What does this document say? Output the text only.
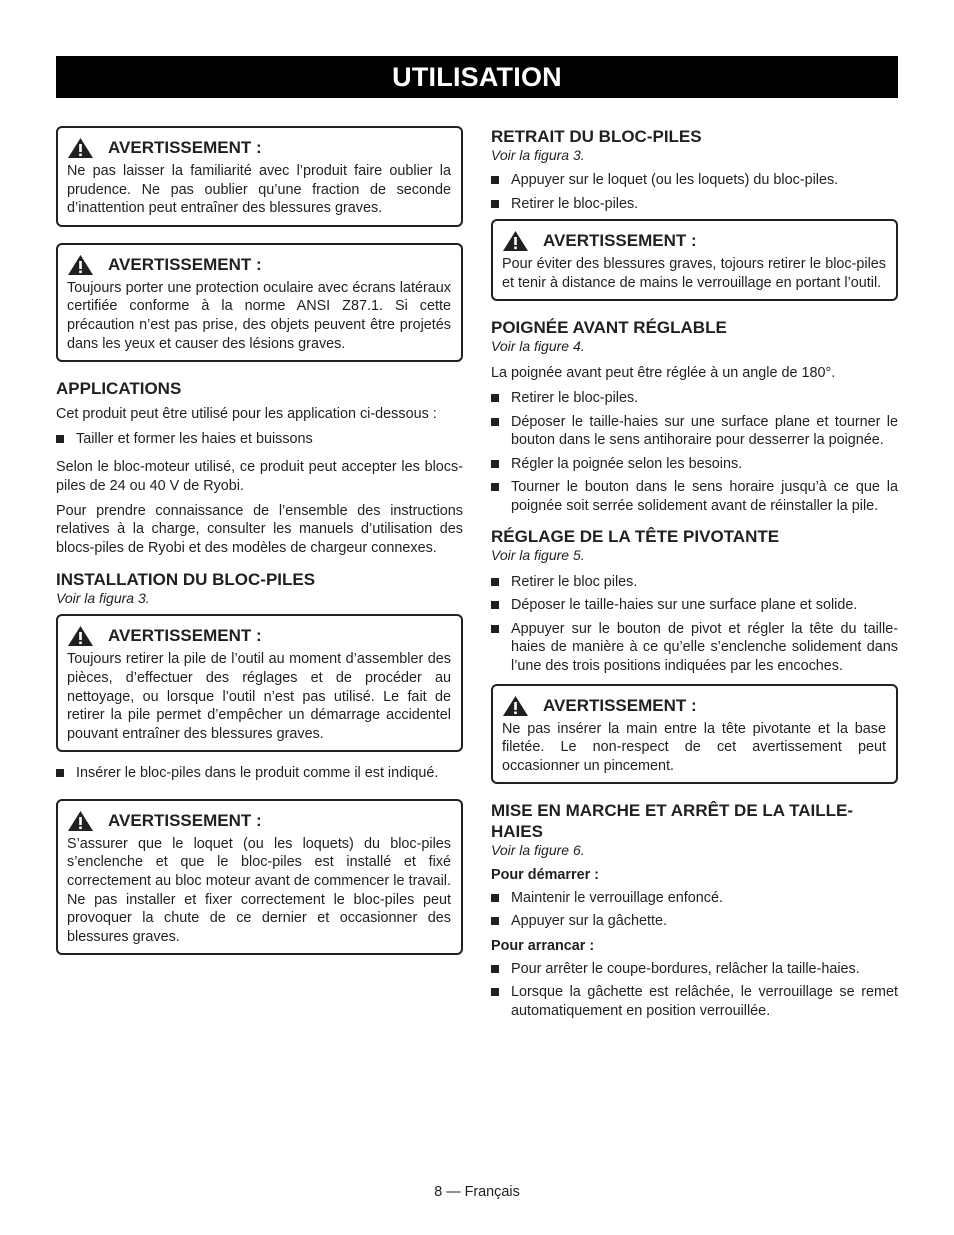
UTILISATION
AVERTISSEMENT :
Ne pas laisser la familiarité avec l’produit faire oublier la prudence. Ne pas oublier qu’une fraction de seconde d’inattention peut entraîner des blessures graves.
AVERTISSEMENT :
Toujours porter une protection oculaire avec écrans latéraux certifiée conforme à la norme ANSI Z87.1. Si cette précaution n’est pas prise, des objets peuvent être projetés dans les yeux et causer des lésions graves.
APPLICATIONS

Cet produit peut être utilisé pour les application ci-dessous :

Tailler et former les haies et buissons

Selon le bloc-moteur utilisé, ce produit peut accepter les blocs-piles de 24 ou 40 V de Ryobi.

Pour prendre connaissance de l’ensemble des instructions relatives à la charge, consulter les manuels d’utilisation des blocs-piles de Ryobi et des modèles de chargeur connexes.

INSTALLATION DU BLOC-PILES
Voir la figura 3.
AVERTISSEMENT :
Toujours retirer la pile de l’outil au moment d’assembler des pièces, d’effectuer des réglages et de procéder au nettoyage, ou lorsque l’outil n’est pas utilisé. Le fait de retirer la pile permet d’empêcher un démarrage accidentel pouvant entraîner des blessures graves.
Insérer le bloc-piles dans le produit comme il est indiqué.
AVERTISSEMENT :
S’assurer que le loquet (ou les loquets) du bloc-piles s’enclenche et que le bloc-piles est installé et fixé correctement au bloc moteur avant de commencer le travail. Ne pas installer et fixer correctement le bloc-piles peut provoquer la chute de ce dernier et occasionner des blessures graves.
RETRAIT DU BLOC-PILES
Voir la figura 3.
Appuyer sur le loquet (ou les loquets) du bloc-piles.
Retirer le bloc-piles.
AVERTISSEMENT :
Pour éviter des blessures graves, tojours retirer le bloc-piles et tenir à distance de mains le verrouillage en portant l’outil.
POIGNÉE AVANT RÉGLABLE
Voir la figure 4.

La poignée avant peut être réglée à un angle de 180°.

Retirer le bloc-piles.
Déposer le taille-haies sur une surface plane et tourner le bouton dans le sens antihoraire pour desserrer la poignée.
Régler la poignée selon les besoins.
Tourner le bouton dans le sens horaire jusqu’à ce que la poignée soit serrée solidement avant de réinstaller la pile.
RÉGLAGE DE LA TÊTE PIVOTANTE
Voir la figure 5.
Retirer le bloc piles.
Déposer le taille-haies sur une surface plane et solide.
Appuyer sur le bouton de pivot et régler la tête du taille-haies de manière à ce qu’elle s’enclenche solidement dans l’une des trois positions indiquées par les encoches.
AVERTISSEMENT :
Ne pas insérer la main entre la tête pivotante et la base filetée. Le non-respect de cet avertissement peut occasionner un pincement.
MISE EN MARCHE ET ARRÊT DE LA TAILLE-HAIES
Voir la figure 6.
Pour démarrer :
Maintenir le verrouillage enfoncé.
Appuyer sur la gâchette.
Pour arrancar :
Pour arrêter le coupe-bordures, relâcher la taille-haies.
Lorsque la gâchette est relâchée, le verrouillage se remet automatiquement en position verrouillée.
8 — Français
